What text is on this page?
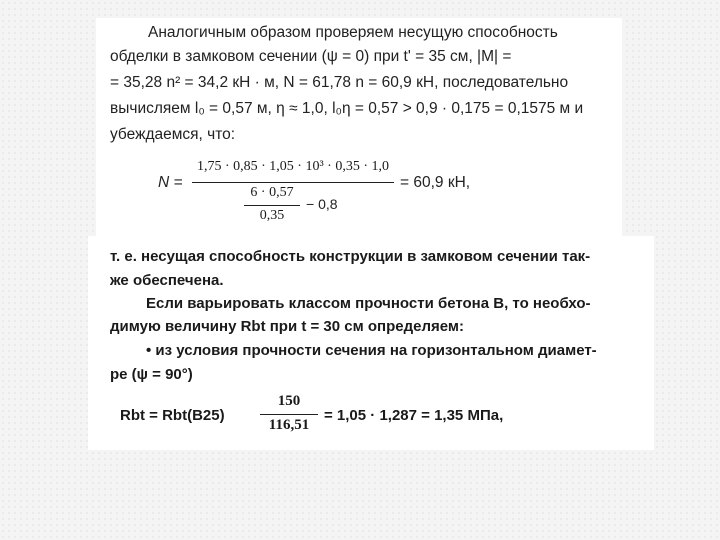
Аналогичным образом проверяем несущую способность
обделки в замковом сечении (ψ = 0) при t' = 35 см, |M| =
= 35,28 n² = 34,2 кН · м, N = 61,78 n = 60,9 кН, последовательно
вычисляем l₀ = 0,57 м, η ≈ 1,0, l₀η = 0,57 > 0,9 · 0,175 = 0,1575 м и
убеждаемся, что:
N =
1,75 · 0,85 · 1,05 · 10³ · 0,35 · 1,0
6 · 0,57
0,35
− 0,8
= 60,9 кН,
т. е. несущая способность конструкции в замковом сечении так-
же обеспечена.
Если варьировать классом прочности бетона В, то необхо-
димую величину Rbt при t = 30 см определяем:
• из условия прочности сечения на горизонтальном диамет-
ре (ψ = 90°)
Rbt = Rbt(B25)
150
116,51
= 1,05 · 1,287 = 1,35 МПа,
